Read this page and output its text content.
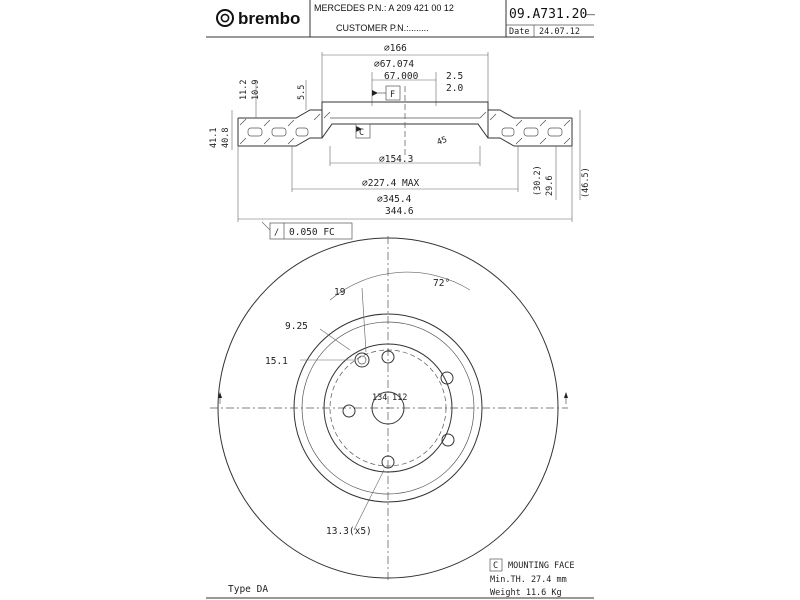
brembo
MERCEDES P.N.: A 209 421 00 12
CUSTOMER P.N.:........
09.A731.20
—
Date 24.07.12
F
C
11.2 10.9	5.5
41.1 40.8
∅154.3
∅227.4 MAX
∅345.4
344.6
∅166
∅67.074
67.000	2.5
2.0
45
(30.2) 29.6	(46.5)
/ 0.050 FC
72°
19
9.25
15.1
134 112
13.3(x5)
Type DA
C MOUNTING FACE
Min.TH. 27.4 mm
Weight 11.6 Kg
